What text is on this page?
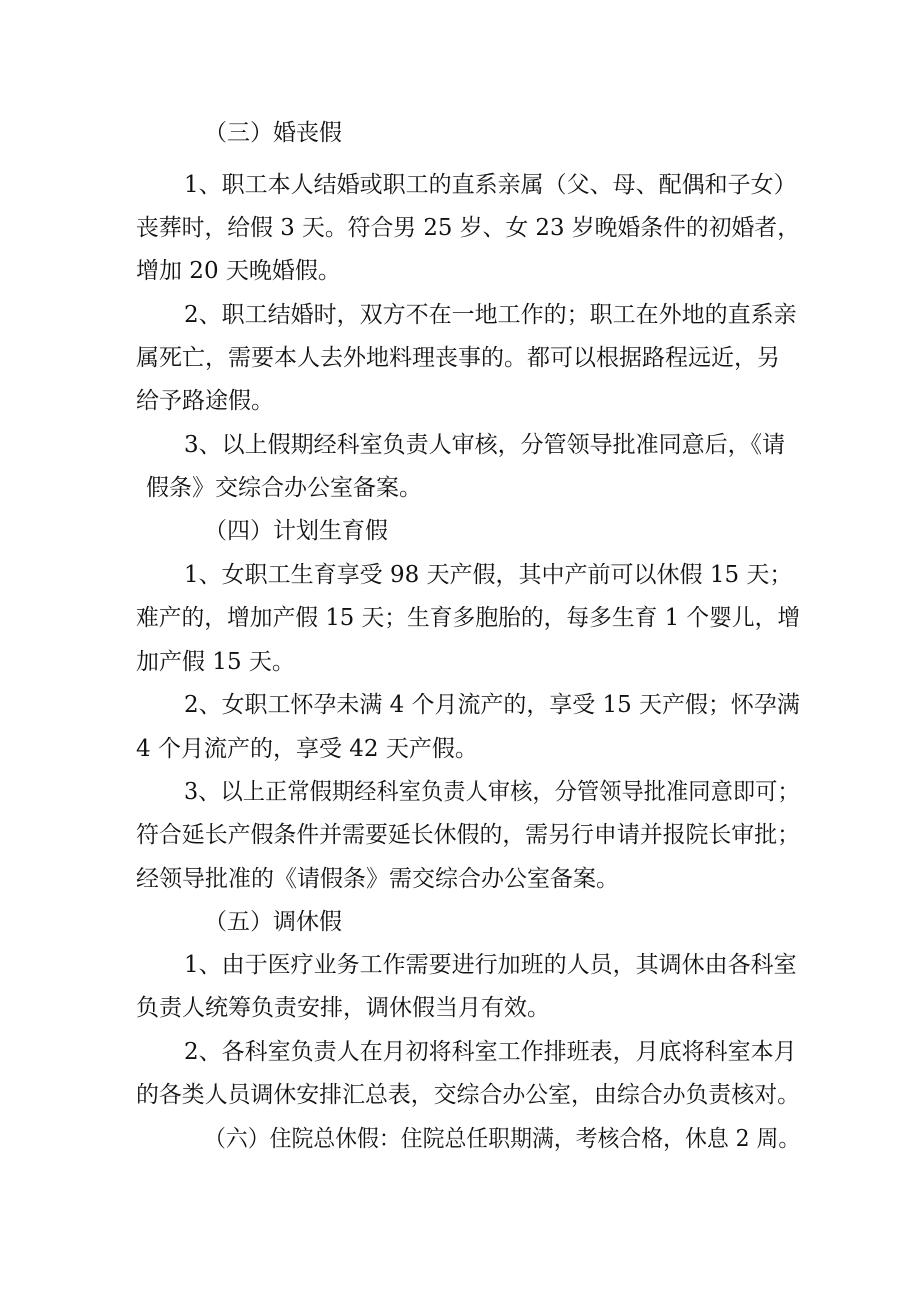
（三）婚丧假
1、职工本人结婚或职工的直系亲属（父、母、配偶和子女）
丧葬时，给假 3 天。符合男 25 岁、女 23 岁晚婚条件的初婚者，
增加 20 天晚婚假。
2、职工结婚时，双方不在一地工作的；职工在外地的直系亲
属死亡，需要本人去外地料理丧事的。都可以根据路程远近，另
给予路途假。
3、以上假期经科室负责人审核，分管领导批准同意后，《请
假条》交综合办公室备案。
（四）计划生育假
1、女职工生育享受 98 天产假，其中产前可以休假 15 天；
难产的，增加产假 15 天；生育多胞胎的，每多生育 1 个婴儿，增
加产假 15 天。
2、女职工怀孕未满 4 个月流产的，享受 15 天产假；怀孕满
4 个月流产的，享受 42 天产假。
3、以上正常假期经科室负责人审核，分管领导批准同意即可；
符合延长产假条件并需要延长休假的，需另行申请并报院长审批；
经领导批准的《请假条》需交综合办公室备案。
（五）调休假
1、由于医疗业务工作需要进行加班的人员，其调休由各科室
负责人统筹负责安排，调休假当月有效。
2、各科室负责人在月初将科室工作排班表，月底将科室本月
的各类人员调休安排汇总表，交综合办公室，由综合办负责核对。
（六）住院总休假：住院总任职期满，考核合格，休息 2 周。
